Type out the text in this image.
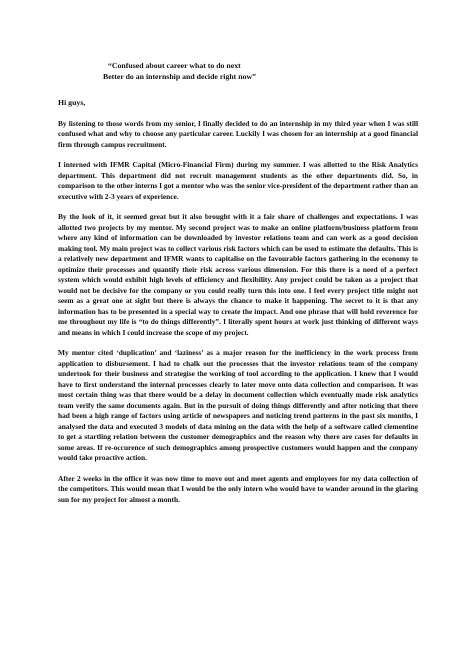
“Confused about career what to do next
Better do an internship and decide right now”
Hi guys,

By listening to those words from my senior, I finally decided to do an internship in my third year when I was still confused what and why to choose any particular career. Luckily I was chosen for an internship at a good financial firm through campus recruitment.

I interned with IFMR Capital (Micro-Financial Firm) during my summer. I was allotted to the Risk Analytics department. This department did not recruit management students as the other departments did. So, in comparison to the other interns I got a mentor who was the senior vice-president of the department rather than an executive with 2-3 years of experience.

By the look of it, it seemed great but it also brought with it a fair share of challenges and expectations. I was allotted two projects by my mentor. My second project was to make an online platform/business platform from where any kind of information can be downloaded by investor relations team and can work as a good decision making tool. My main project was to collect various risk factors which can be used to estimate the defaults. This is a relatively new department and IFMR wants to capitalise on the favourable factors gathering in the economy to optimize their processes and quantify their risk across various dimension. For this there is a need of a perfect system which would exhibit high levels of efficiency and flexibility. Any project could be taken as a project that would not be decisive for the company or you could really turn this into one. I feel every project title might not seem as a great one at sight but there is always the chance to make it happening. The secret to it is that any information has to be presented in a special way to create the impact. And one phrase that will hold reverence for me throughout my life is “to do things differently”. I literally spent hours at work just thinking of different ways and means in which I could increase the scope of my project.

My mentor cited ‘duplication’ and ‘laziness’ as a major reason for the inefficiency in the work process from application to disbursement. I had to chalk out the processes that the investor relations team of the company undertook for their business and strategise the working of tool according to the application. I knew that I would have to first understand the internal processes clearly to later move onto data collection and comparison. It was most certain thing was that there would be a delay in document collection which eventually made risk analytics team verify the same documents again. But in the pursuit of doing things differently and after noticing that there had been a high range of factors using article of newspapers and noticing trend patterns in the past six months, I analysed the data and executed 3 models of data mining on the data with the help of a software called clementine to get a startling relation between the customer demographics and the reason why there are cases for defaults in some areas. If re-occurence of such demographics among prospective customers would happen and the company would take proactive action.

After 2 weeks in the office it was now time to move out and meet agents and employees for my data collection of the competitors. This would mean that I would be the only intern who would have to wander around in the glaring sun for my project for almost a month.
